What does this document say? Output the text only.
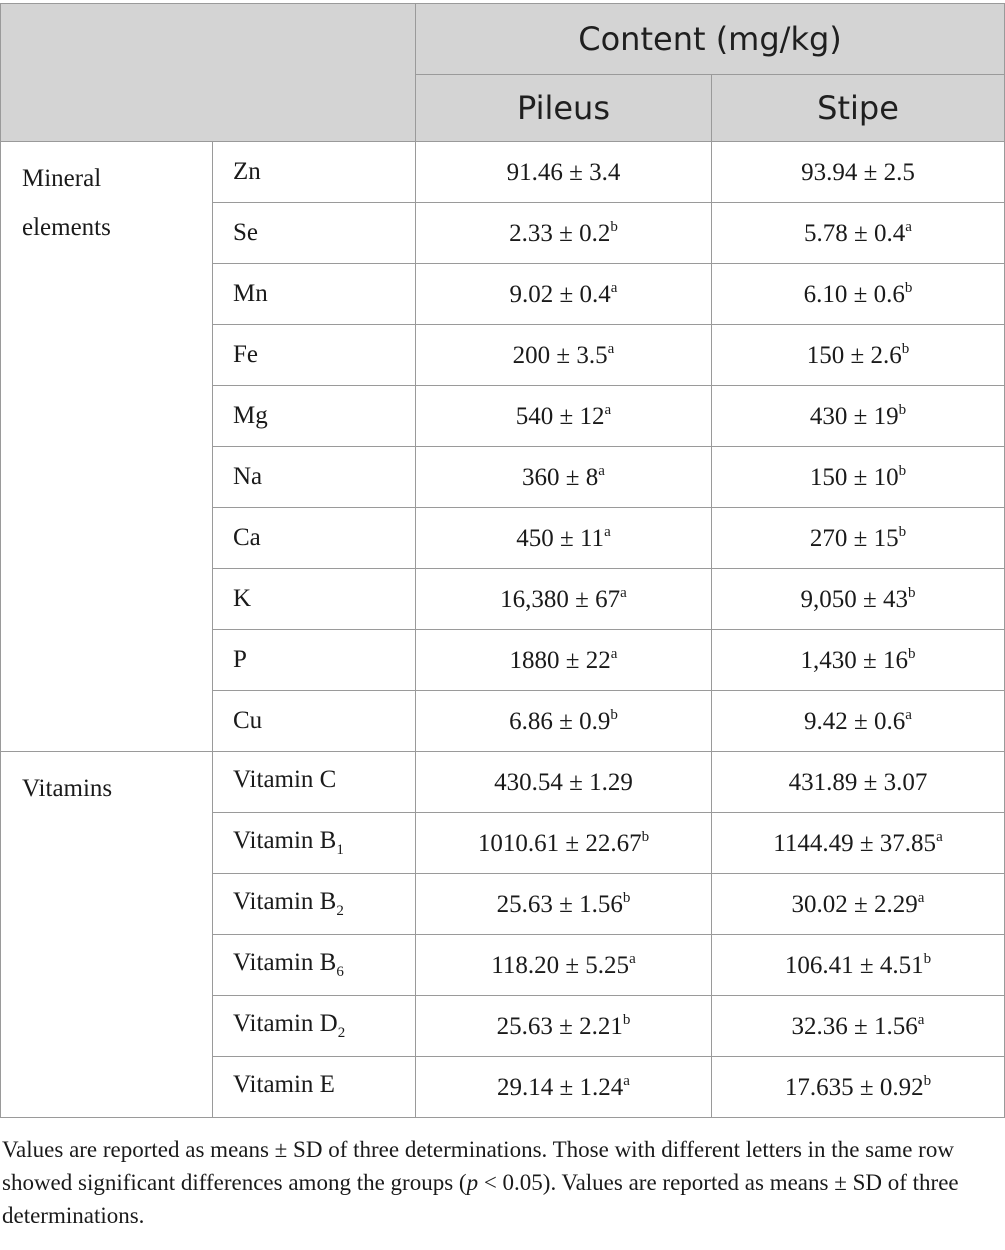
		Content (mg/kg)	
		Pileus	Stipe

Mineral elements	Zn	91.46 ± 3.4	93.94 ± 2.5
	Se	2.33 ± 0.2$^b$	5.78 ± 0.4$^a$
	Mn	9.02 ± 0.4$^a$	6.10 ± 0.6$^b$
	Fe	200 ± 3.5$^a$	150 ± 2.6$^b$
	Mg	$540 \pm 12^a$	$430 \pm 19^b$
	Na	$360 \pm 8^a$	$150 \pm 10^b$
	Ca	$450 \pm 11^a$	$270 \pm 15^b$
	K	$16,380 \pm 67^a$	$9,050 \pm 43^b$
	P	$1880 \pm 22^a$	$1,430 \pm 16^b$
	Cu	6.86 ± 0.9$^b$	9.42 ± 0.6$^a$

Vitamins	Vitamin C	430.54 ± 1.29	431.89 ± 3.07
	Vitamin $B_1$	1010.61 ± 22.67$^b$	1144.49 ± 37.85$^a$
	Vitamin $B_2$	25.63 ± 1.56$^b$	30.02 ± 2.29$^a$
	Vitamin $B_6$	118.20 ± 5.25$^a$	106.41 ± 4.51$^b$
	Vitamin $D_2$	25.63 ± 2.21$^b$	32.36 ± 1.56$^a$
	Vitamin E	29.14 ± 1.24$^a$	17.635 ± 0.92$^b$

Values are reported as means ± SD of three determinations. Those with different letters in the same row showed significant differences among the groups (p < 0.05). Values are reported as means ± SD of three determinations.
